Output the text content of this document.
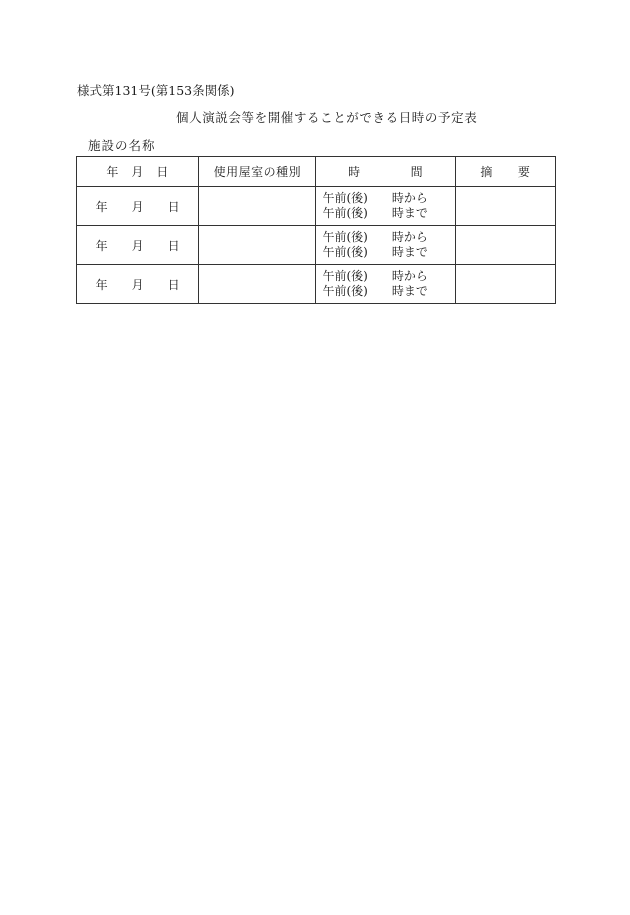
様式第131号(第153条関係)
個人演説会等を開催することができる日時の予定表
施設の名称
年　月　日	使用屋室の種別	時　　　　間	摘　　要
年　　月　　日		午前(後)　　時から
午前(後)　　時まで	

年　　月　　日		午前(後)　　時から
午前(後)　　時まで	

年　　月　　日		午前(後)　　時から
午前(後)　　時まで	
